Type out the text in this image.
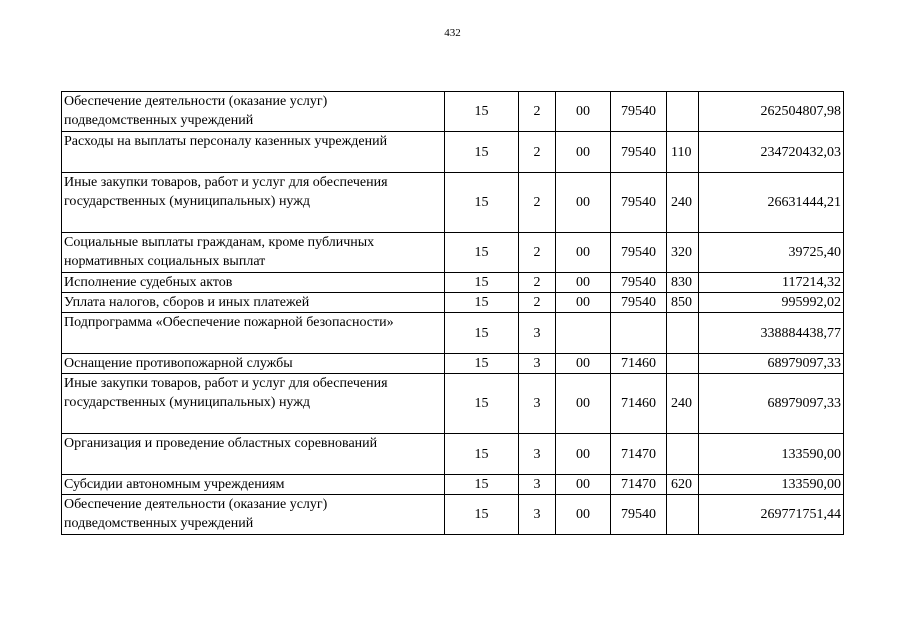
432
Обеспечение деятельности (оказание услуг) подведомственных учреждений	15	2	00	79540		262504807,98
Расходы на выплаты персоналу казенных учреждений	15	2	00	79540	110	234720432,03
Иные закупки товаров, работ и услуг для обеспечения государственных (муниципальных) нужд	15	2	00	79540	240	26631444,21
Социальные выплаты гражданам, кроме публичных нормативных социальных выплат	15	2	00	79540	320	39725,40
Исполнение судебных актов	15	2	00	79540	830	117214,32
Уплата налогов, сборов и иных платежей	15	2	00	79540	850	995992,02
Подпрограмма «Обеспечение пожарной безопасности»	15	3				338884438,77
Оснащение противопожарной службы	15	3	00	71460		68979097,33
Иные закупки товаров, работ и услуг для обеспечения государственных (муниципальных) нужд	15	3	00	71460	240	68979097,33
Организация и проведение областных соревнований	15	3	00	71470		133590,00
Субсидии автономным учреждениям	15	3	00	71470	620	133590,00
Обеспечение деятельности (оказание услуг) подведомственных учреждений	15	3	00	79540		269771751,44
